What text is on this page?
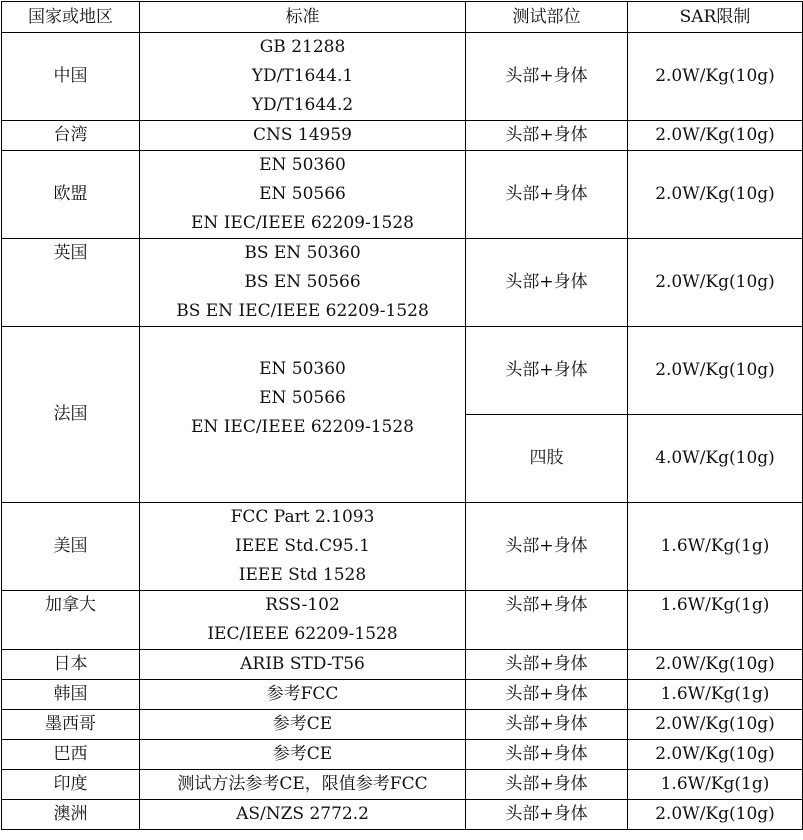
国家或地区	标准	测试部位	SAR限制
中国	GB 21288
YD/T1644.1
YD/T1644.2	头部+身体	2.0W/Kg(10g)
台湾	CNS 14959	头部+身体	2.0W/Kg(10g)
欧盟	EN 50360
EN 50566
EN IEC/IEEE 62209-1528	头部+身体	2.0W/Kg(10g)
英国	BS EN 50360
BS EN 50566
BS EN IEC/IEEE 62209-1528	头部+身体	2.0W/Kg(10g)
法国	EN 50360
EN 50566
EN IEC/IEEE 62209-1528	头部+身体	2.0W/Kg(10g)
		四肢	4.0W/Kg(10g)
美国	FCC Part 2.1093
IEEE Std.C95.1
IEEE Std 1528	头部+身体	1.6W/Kg(1g)
加拿大	RSS-102
IEC/IEEE 62209-1528	头部+身体	1.6W/Kg(1g)
日本	ARIB STD-T56	头部+身体	2.0W/Kg(10g)
韩国	参考FCC	头部+身体	1.6W/Kg(1g)
墨西哥	参考CE	头部+身体	2.0W/Kg(10g)
巴西	参考CE	头部+身体	2.0W/Kg(10g)
印度	测试方法参考CE，限值参考FCC	头部+身体	1.6W/Kg(1g)
澳洲	AS/NZS 2772.2	头部+身体	2.0W/Kg(10g)
